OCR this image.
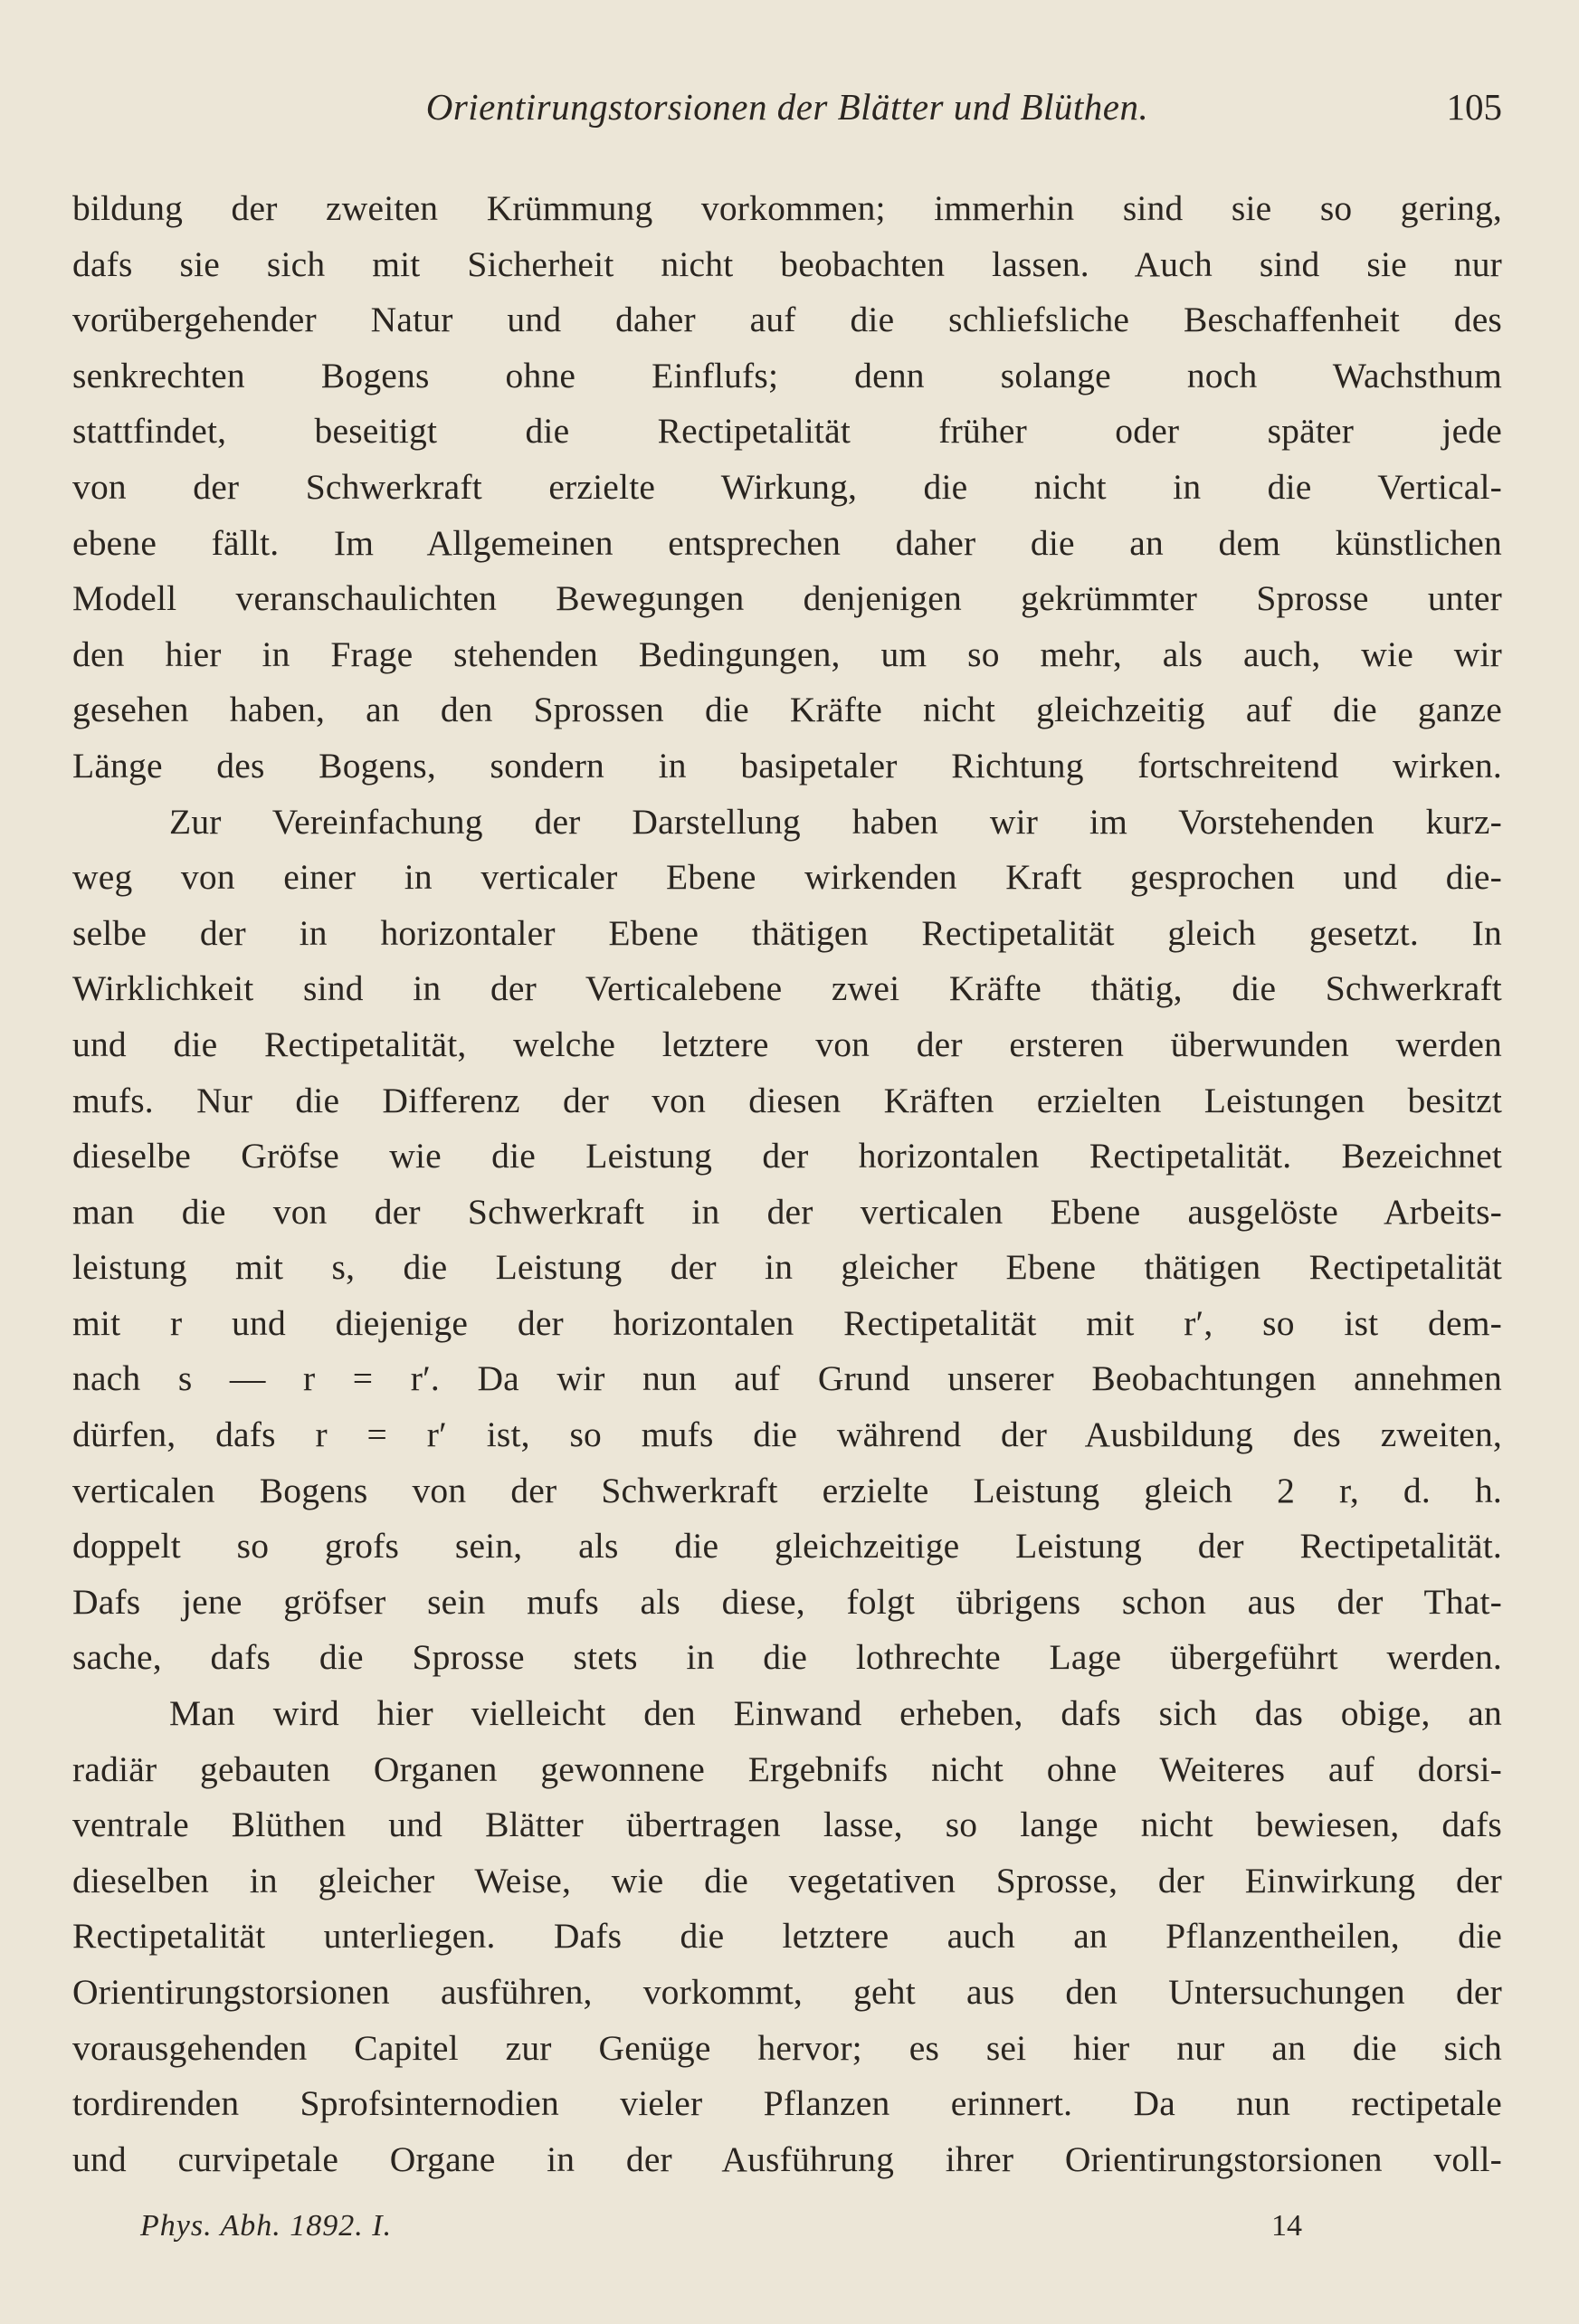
Orientirungstorsionen der Blätter und Blüthen.	105
bildung der zweiten Krümmung vorkommen; immerhin sind sie so gering,
dafs sie sich mit Sicherheit nicht beobachten lassen. Auch sind sie nur
vorübergehender Natur und daher auf die schliefsliche Beschaffenheit des
senkrechten Bogens ohne Einflufs; denn solange noch Wachsthum
stattfindet, beseitigt die Rectipetalität früher oder später jede
von der Schwerkraft erzielte Wirkung, die nicht in die Vertical-
ebene fällt. Im Allgemeinen entsprechen daher die an dem künstlichen
Modell veranschaulichten Bewegungen denjenigen gekrümmter Sprosse unter
den hier in Frage stehenden Bedingungen, um so mehr, als auch, wie wir
gesehen haben, an den Sprossen die Kräfte nicht gleichzeitig auf die ganze
Länge des Bogens, sondern in basipetaler Richtung fortschreitend wirken.
Zur Vereinfachung der Darstellung haben wir im Vorstehenden kurz-
weg von einer in verticaler Ebene wirkenden Kraft gesprochen und die-
selbe der in horizontaler Ebene thätigen Rectipetalität gleich gesetzt. In
Wirklichkeit sind in der Verticalebene zwei Kräfte thätig, die Schwerkraft
und die Rectipetalität, welche letztere von der ersteren überwunden werden
mufs. Nur die Differenz der von diesen Kräften erzielten Leistungen besitzt
dieselbe Gröfse wie die Leistung der horizontalen Rectipetalität. Bezeichnet
man die von der Schwerkraft in der verticalen Ebene ausgelöste Arbeits-
leistung mit s, die Leistung der in gleicher Ebene thätigen Rectipetalität
mit r und diejenige der horizontalen Rectipetalität mit r′, so ist dem-
nach s — r = r′. Da wir nun auf Grund unserer Beobachtungen annehmen
dürfen, dafs r = r′ ist, so mufs die während der Ausbildung des zweiten,
verticalen Bogens von der Schwerkraft erzielte Leistung gleich 2 r, d. h.
doppelt so grofs sein, als die gleichzeitige Leistung der Rectipetalität.
Dafs jene gröfser sein mufs als diese, folgt übrigens schon aus der That-
sache, dafs die Sprosse stets in die lothrechte Lage übergeführt werden.
Man wird hier vielleicht den Einwand erheben, dafs sich das obige, an
radiär gebauten Organen gewonnene Ergebnifs nicht ohne Weiteres auf dorsi-
ventrale Blüthen und Blätter übertragen lasse, so lange nicht bewiesen, dafs
dieselben in gleicher Weise, wie die vegetativen Sprosse, der Einwirkung der
Rectipetalität unterliegen. Dafs die letztere auch an Pflanzentheilen, die
Orientirungstorsionen ausführen, vorkommt, geht aus den Untersuchungen der
vorausgehenden Capitel zur Genüge hervor; es sei hier nur an die sich
tordirenden Sprofsinternodien vieler Pflanzen erinnert. Da nun rectipetale
und curvipetale Organe in der Ausführung ihrer Orientirungstorsionen voll-
Phys. Abh. 1892. I.	14
